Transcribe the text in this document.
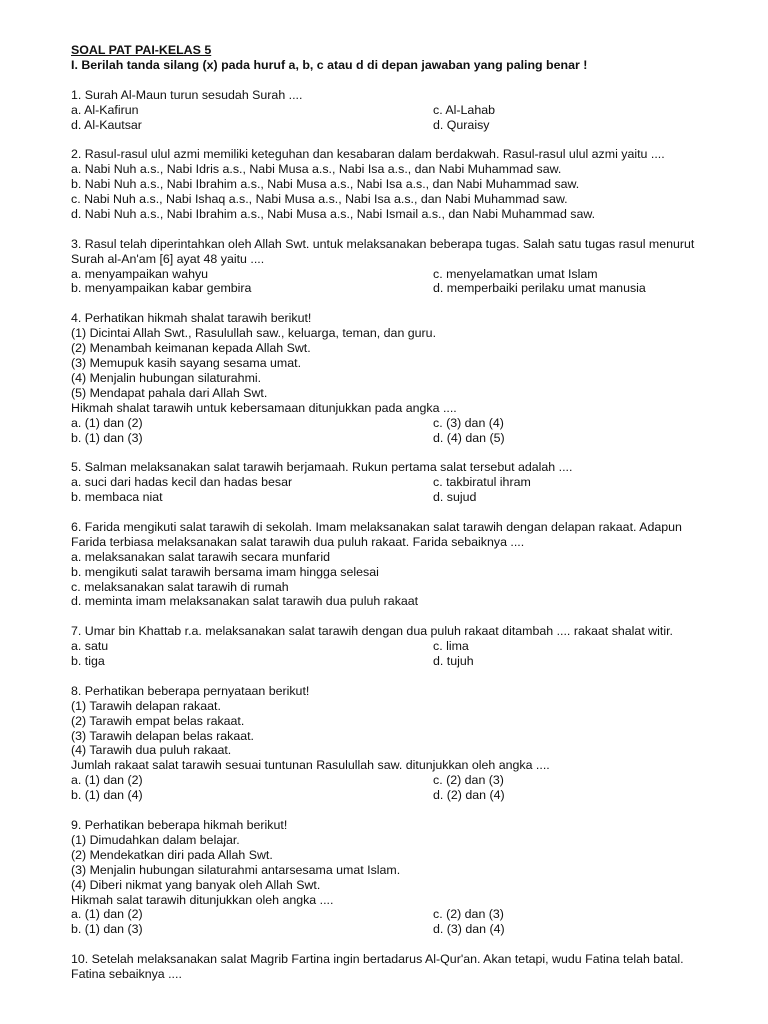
SOAL PAT PAI-KELAS 5
I. Berilah tanda silang (x) pada huruf a, b, c atau d di depan jawaban yang paling benar !
1. Surah Al-Maun turun sesudah Surah ....
a. Al-Kafirun	c. Al-Lahab
d. Al-Kautsar	d. Quraisy
2. Rasul-rasul ulul azmi memiliki keteguhan dan kesabaran dalam berdakwah. Rasul-rasul ulul azmi yaitu ....
a. Nabi Nuh a.s., Nabi Idris a.s., Nabi Musa a.s., Nabi Isa a.s., dan Nabi Muhammad saw.
b. Nabi Nuh a.s., Nabi Ibrahim a.s., Nabi Musa a.s., Nabi Isa a.s., dan Nabi Muhammad saw.
c. Nabi Nuh a.s., Nabi Ishaq a.s., Nabi Musa a.s., Nabi Isa a.s., dan Nabi Muhammad saw.
d. Nabi Nuh a.s., Nabi Ibrahim a.s., Nabi Musa a.s., Nabi Ismail a.s., dan Nabi Muhammad saw.
3. Rasul telah diperintahkan oleh Allah Swt. untuk melaksanakan beberapa tugas. Salah satu tugas rasul menurut Surah al-An'am [6] ayat 48 yaitu ....
a. menyampaikan wahyu	c. menyelamatkan umat Islam
b. menyampaikan kabar gembira	d. memperbaiki perilaku umat manusia
4. Perhatikan hikmah shalat tarawih berikut!
(1) Dicintai Allah Swt., Rasulullah saw., keluarga, teman, dan guru.
(2) Menambah keimanan kepada Allah Swt.
(3) Memupuk kasih sayang sesama umat.
(4) Menjalin hubungan silaturahmi.
(5) Mendapat pahala dari Allah Swt.
Hikmah shalat tarawih untuk kebersamaan ditunjukkan pada angka ....
a. (1) dan (2)	c. (3) dan (4)
b. (1) dan (3)	d. (4) dan (5)
5. Salman melaksanakan salat tarawih berjamaah. Rukun pertama salat tersebut adalah ....
a. suci dari hadas kecil dan hadas besar	c. takbiratul ihram
b. membaca niat	d. sujud
6. Farida mengikuti salat tarawih di sekolah. Imam melaksanakan salat tarawih dengan delapan rakaat. Adapun Farida terbiasa melaksanakan salat tarawih dua puluh rakaat. Farida sebaiknya ....
a. melaksanakan salat tarawih secara munfarid
b. mengikuti salat tarawih bersama imam hingga selesai
c. melaksanakan salat tarawih di rumah
d. meminta imam melaksanakan salat tarawih dua puluh rakaat
7. Umar bin Khattab r.a. melaksanakan salat tarawih dengan dua puluh rakaat ditambah .... rakaat shalat witir.
a. satu	c. lima
b. tiga	d. tujuh
8. Perhatikan beberapa pernyataan berikut!
(1) Tarawih delapan rakaat.
(2) Tarawih empat belas rakaat.
(3) Tarawih delapan belas rakaat.
(4) Tarawih dua puluh rakaat.
Jumlah rakaat salat tarawih sesuai tuntunan Rasulullah saw. ditunjukkan oleh angka ....
a. (1) dan (2)	c. (2) dan (3)
b. (1) dan (4)	d. (2) dan (4)
9. Perhatikan beberapa hikmah berikut!
(1) Dimudahkan dalam belajar.
(2) Mendekatkan diri pada Allah Swt.
(3) Menjalin hubungan silaturahmi antarsesama umat Islam.
(4) Diberi nikmat yang banyak oleh Allah Swt.
Hikmah salat tarawih ditunjukkan oleh angka ....
a. (1) dan (2)	c. (2) dan (3)
b. (1) dan (3)	d. (3) dan (4)
10. Setelah melaksanakan salat Magrib Fartina ingin bertadarus Al-Qur'an. Akan tetapi, wudu Fatina telah batal. Fatina sebaiknya ....
